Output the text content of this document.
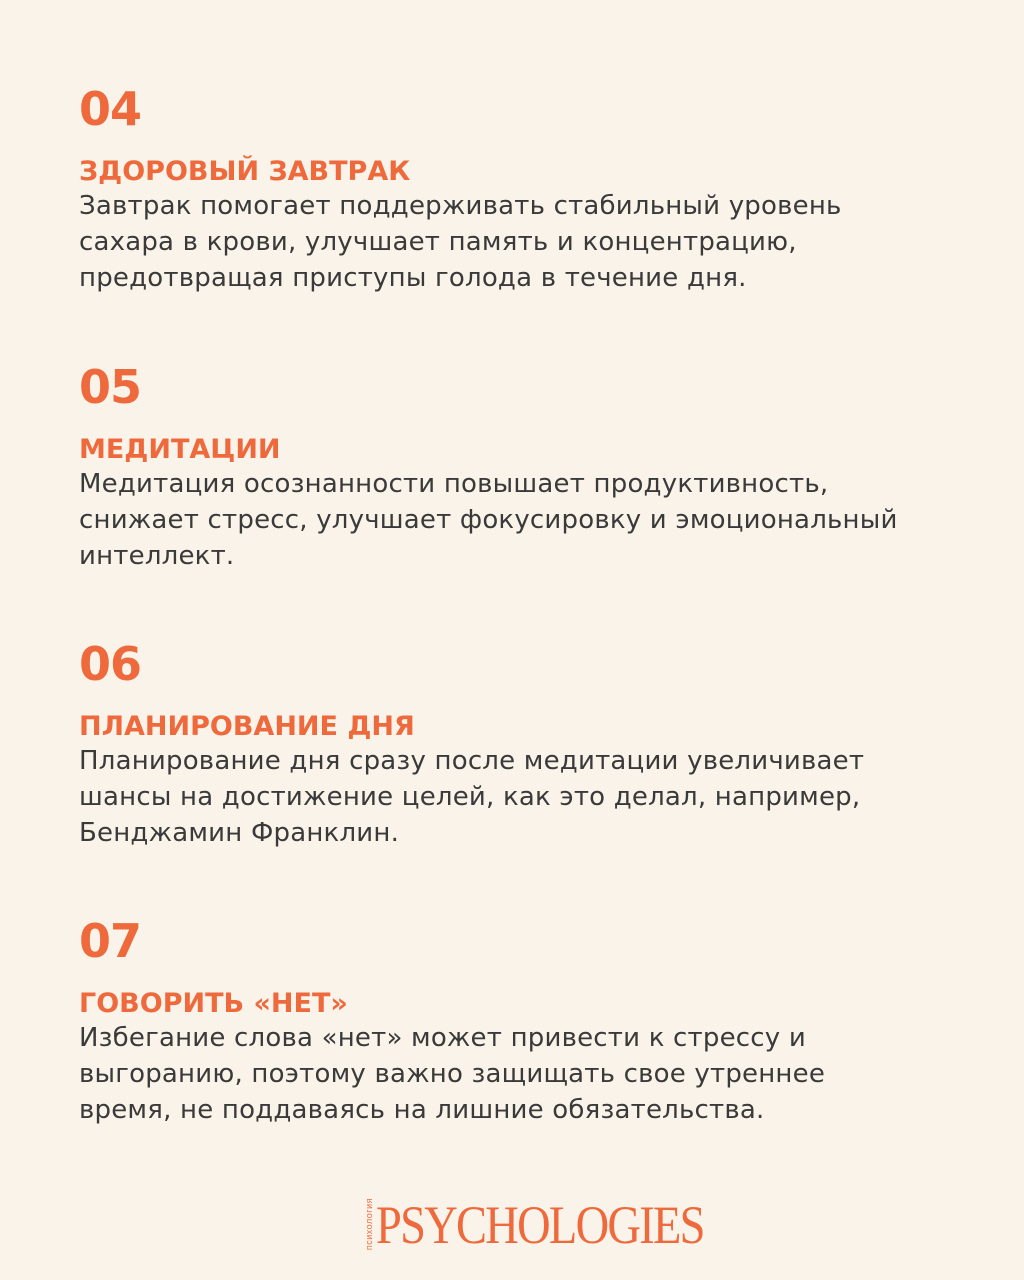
04
ЗДОРОВЫЙ ЗАВТРАК
Завтрак помогает поддерживать стабильный уровень
сахара в крови, улучшает память и концентрацию,
предотвращая приступы голода в течение дня.
05
МЕДИТАЦИИ
Медитация осознанности повышает продуктивность,
снижает стресс, улучшает фокусировку и эмоциональный
интеллект.
06
ПЛАНИРОВАНИЕ ДНЯ
Планирование дня сразу после медитации увеличивает
шансы на достижение целей, как это делал, например,
Бенджамин Франклин.
07
ГОВОРИТЬ «НЕТ»
Избегание слова «нет» может привести к стрессу и
выгоранию, поэтому важно защищать свое утреннее
время, не поддаваясь на лишние обязательства.
психология PSYCHOLOGIES
